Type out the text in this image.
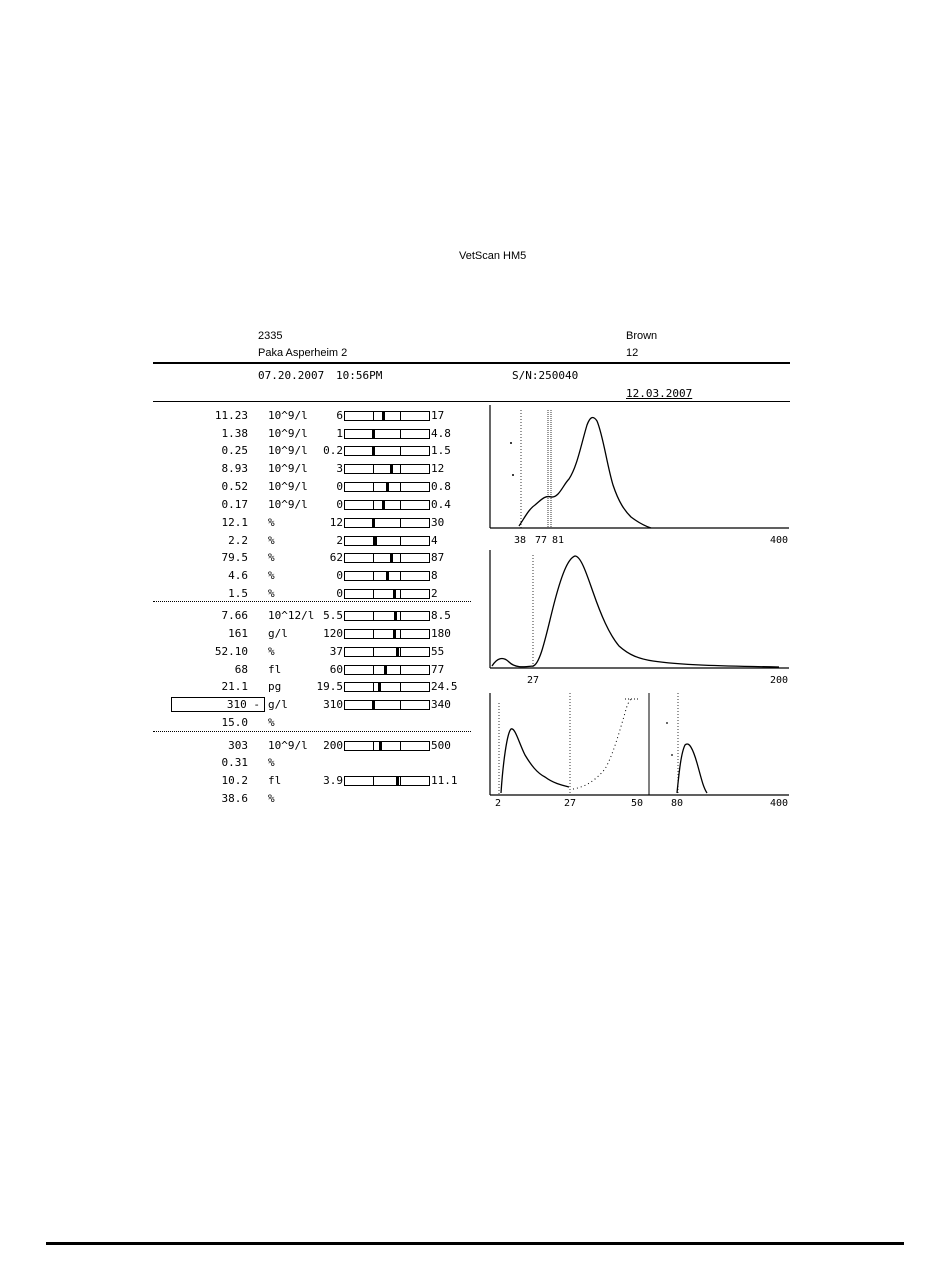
VetScan HM5
2335
Paka Asperheim 2
Brown
12
07.20.2007 10:56PM	S/N:250040
12.03.2007
11.23 10^9/l	6	17
1.38 10^9/l	1	4.8
0.25 10^9/l 0.2	1.5
8.93 10^9/l	3	12
0.52 10^9/l	0	0.8
0.17 10^9/l	0	0.4
12.1 %	12	30
2.2 %	2	4
79.5 %	62	87
4.6 %	0	8
1.5 %	0	2
7.66 10^12/l 5.5	8.5
161 g/l	120	180
52.10 %	37	55
68 fl	60	77
21.1 pg	19.5	24.5
310 - g/l	310	340
15.0 %
303 10^9/l 200	500
0.31 %
10.2 fl	3.9	11.1
38.6 %
38 77 81	400
27	200
2	27	50	80	400
